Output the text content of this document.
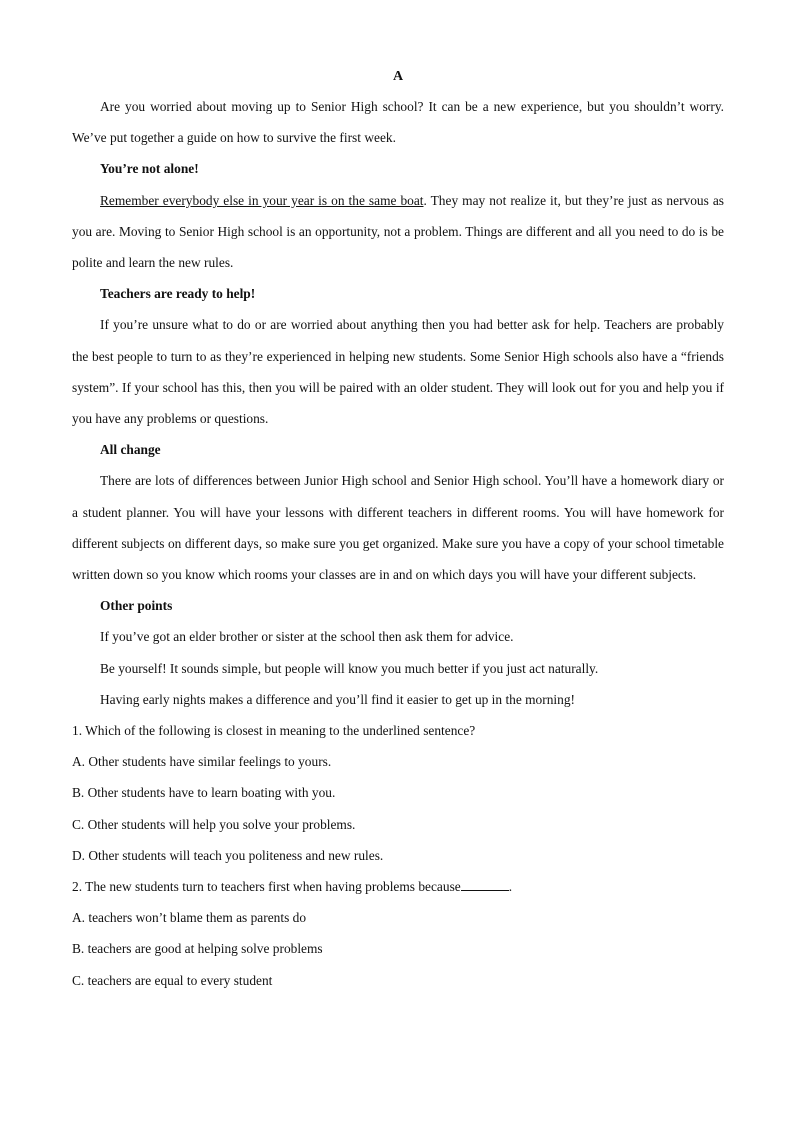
A

Are you worried about moving up to Senior High school? It can be a new experience, but you shouldn’t worry. We’ve put together a guide on how to survive the first week.

You’re not alone!

Remember everybody else in your year is on the same boat. They may not realize it, but they’re just as nervous as you are. Moving to Senior High school is an opportunity, not a problem. Things are different and all you need to do is be polite and learn the new rules.

Teachers are ready to help!

If you’re unsure what to do or are worried about anything then you had better ask for help. Teachers are probably the best people to turn to as they’re experienced in helping new students. Some Senior High schools also have a “friends system”. If your school has this, then you will be paired with an older student. They will look out for you and help you if you have any problems or questions.

All change

There are lots of differences between Junior High school and Senior High school. You’ll have a homework diary or a student planner. You will have your lessons with different teachers in different rooms. You will have homework for different subjects on different days, so make sure you get organized. Make sure you have a copy of your school timetable written down so you know which rooms your classes are in and on which days you will have your different subjects.

Other points

If you’ve got an elder brother or sister at the school then ask them for advice.

Be yourself! It sounds simple, but people will know you much better if you just act naturally.

Having early nights makes a difference and you’ll find it easier to get up in the morning!

1. Which of the following is closest in meaning to the underlined sentence?

A. Other students have similar feelings to yours.

B. Other students have to learn boating with you.

C. Other students will help you solve your problems.

D. Other students will teach you politeness and new rules.

2. The new students turn to teachers first when having problems because	.

A. teachers won’t blame them as parents do

B. teachers are good at helping solve problems

C. teachers are equal to every student
